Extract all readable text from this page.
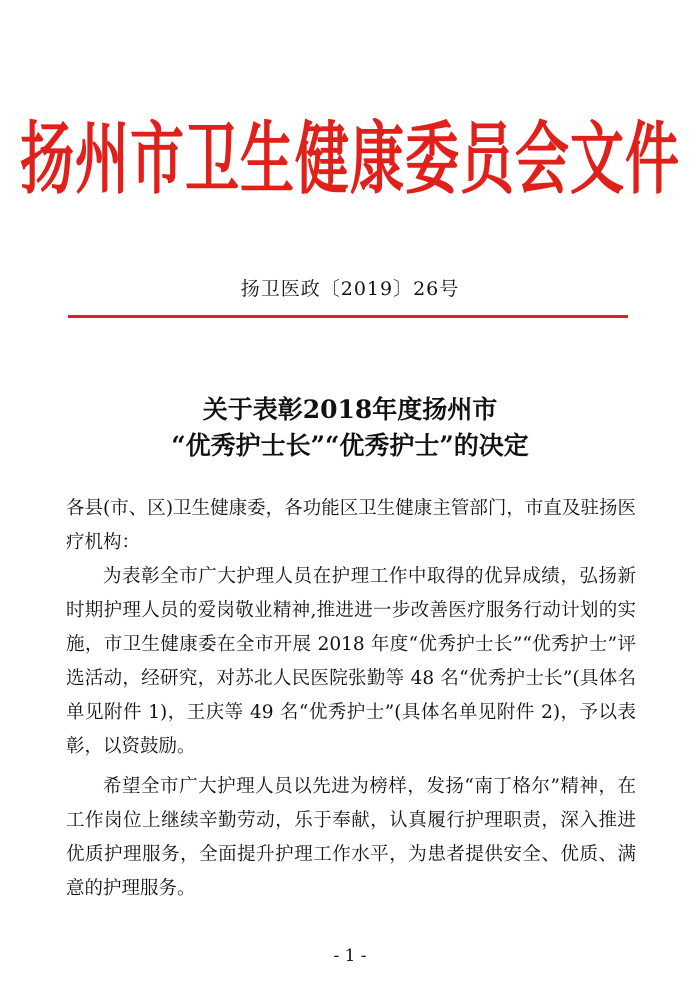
扬州市卫生健康委员会文件
扬卫医政〔2019〕26号
关于表彰2018年度扬州市
“优秀护士长”“优秀护士”的决定

各县(市、区)卫生健康委，各功能区卫生健康主管部门，市直及驻扬医疗机构：

为表彰全市广大护理人员在护理工作中取得的优异成绩，弘扬新时期护理人员的爱岗敬业精神,推进进一步改善医疗服务行动计划的实施，市卫生健康委在全市开展 2018 年度“优秀护士长”“优秀护士”评选活动，经研究，对苏北人民医院张勤等 48 名“优秀护士长”(具体名单见附件 1)，王庆等 49 名“优秀护士”(具体名单见附件 2)，予以表彰，以资鼓励。

希望全市广大护理人员以先进为榜样，发扬“南丁格尔”精神，在工作岗位上继续辛勤劳动，乐于奉献，认真履行护理职责，深入推进优质护理服务，全面提升护理工作水平，为患者提供安全、优质、满意的护理服务。

- 1 -
